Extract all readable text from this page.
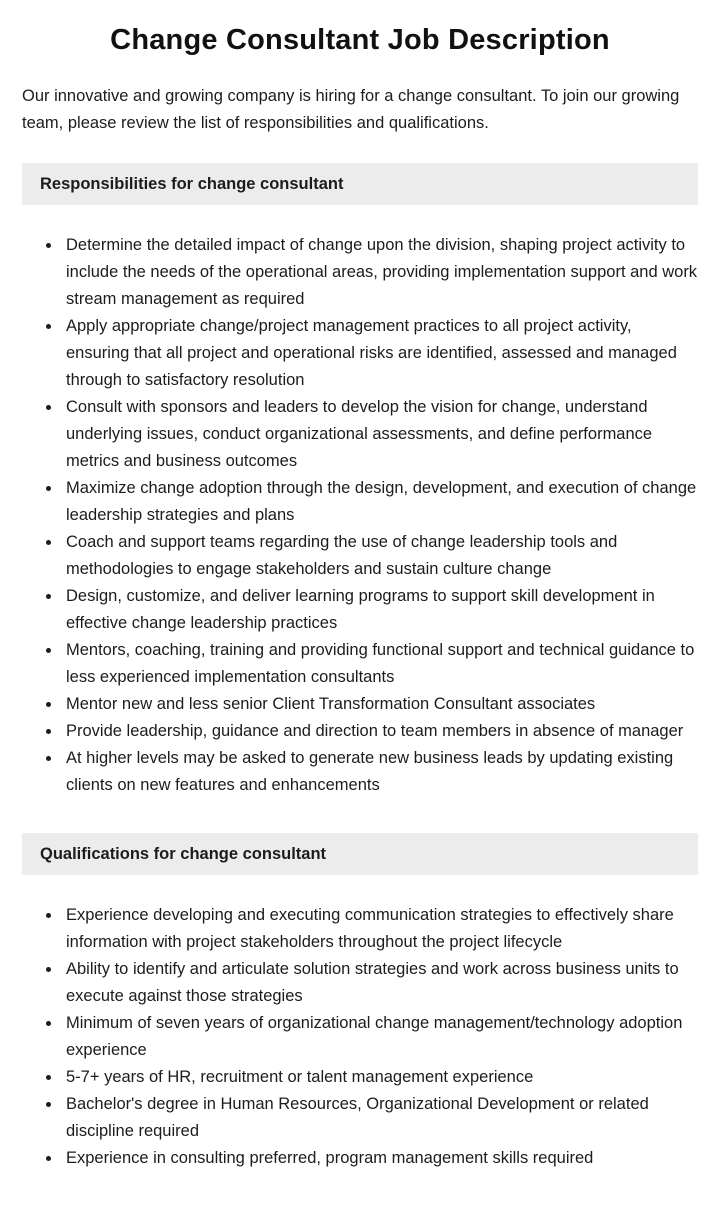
Change Consultant Job Description

Our innovative and growing company is hiring for a change consultant. To join our growing team, please review the list of responsibilities and qualifications.

Responsibilities for change consultant
Determine the detailed impact of change upon the division, shaping project activity to include the needs of the operational areas, providing implementation support and work stream management as required
Apply appropriate change/project management practices to all project activity, ensuring that all project and operational risks are identified, assessed and managed through to satisfactory resolution
Consult with sponsors and leaders to develop the vision for change, understand underlying issues, conduct organizational assessments, and define performance metrics and business outcomes
Maximize change adoption through the design, development, and execution of change leadership strategies and plans
Coach and support teams regarding the use of change leadership tools and methodologies to engage stakeholders and sustain culture change
Design, customize, and deliver learning programs to support skill development in effective change leadership practices
Mentors, coaching, training and providing functional support and technical guidance to less experienced implementation consultants
Mentor new and less senior Client Transformation Consultant associates
Provide leadership, guidance and direction to team members in absence of manager
At higher levels may be asked to generate new business leads by updating existing clients on new features and enhancements
Qualifications for change consultant
Experience developing and executing communication strategies to effectively share information with project stakeholders throughout the project lifecycle
Ability to identify and articulate solution strategies and work across business units to execute against those strategies
Minimum of seven years of organizational change management/technology adoption experience
5-7+ years of HR, recruitment or talent management experience
Bachelor's degree in Human Resources, Organizational Development or related discipline required
Experience in consulting preferred, program management skills required
